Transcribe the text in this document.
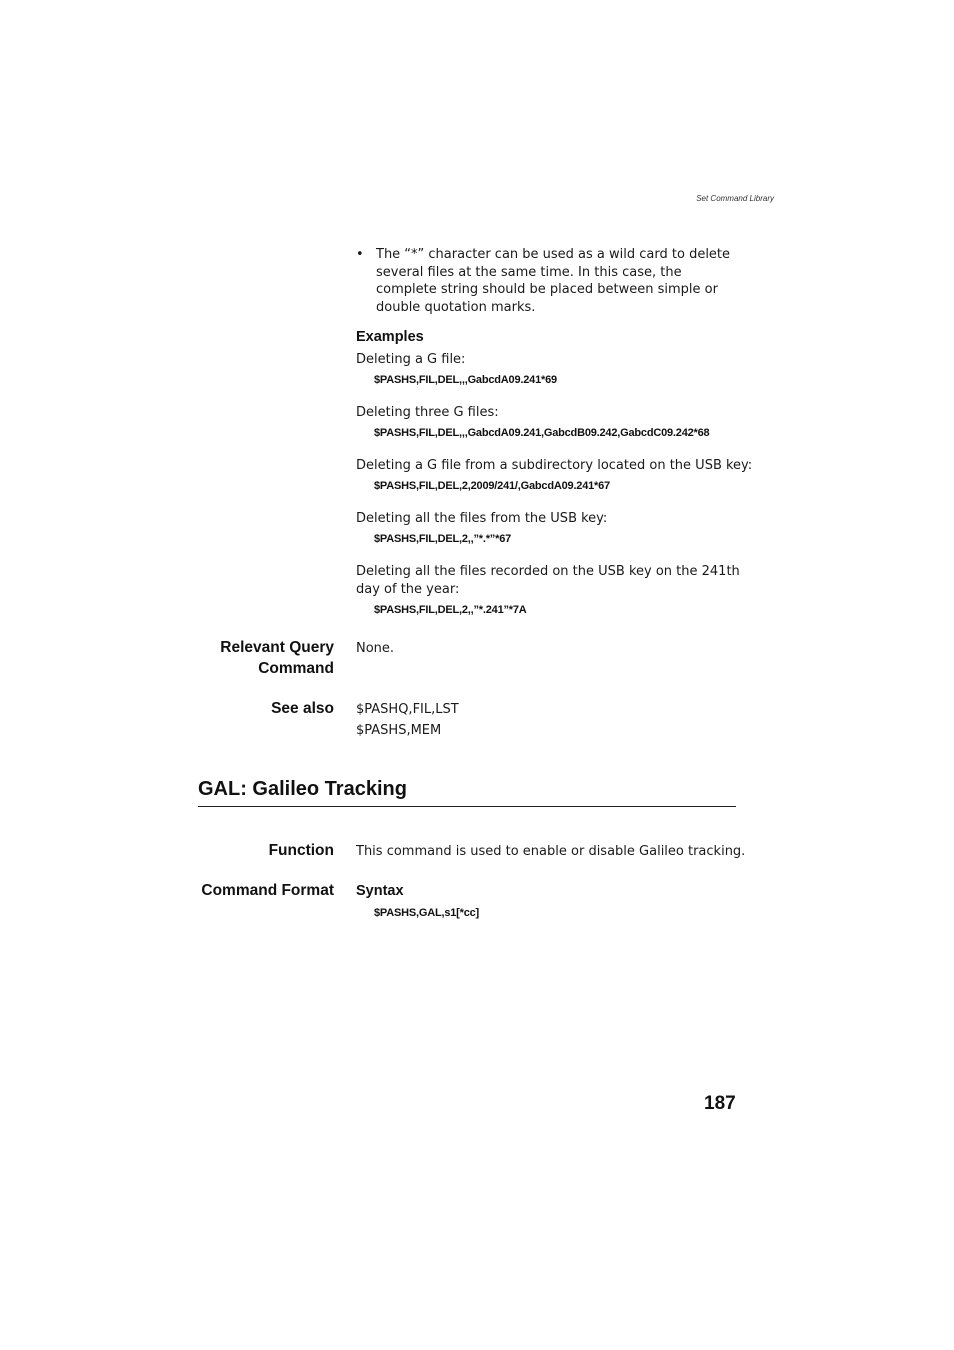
Set Command Library
• The “*” character can be used as a wild card to delete several files at the same time. In this case, the complete string should be placed between simple or double quotation marks.
Examples
Deleting a G file:
$PASHS,FIL,DEL,,,GabcdA09.241*69
Deleting three G files:
$PASHS,FIL,DEL,,,GabcdA09.241,GabcdB09.242,GabcdC09.242*68
Deleting a G file from a subdirectory located on the USB key:
$PASHS,FIL,DEL,2,2009/241/,GabcdA09.241*67
Deleting all the files from the USB key:
$PASHS,FIL,DEL,2,,”*.*”*67
Deleting all the files recorded on the USB key on the 241th day of the year:
$PASHS,FIL,DEL,2,,”*.241”*7A
Relevant Query
Command
None.
See also $PASHQ,FIL,LST
$PASHS,MEM
GAL: Galileo Tracking
Function This command is used to enable or disable Galileo tracking.
Command Format Syntax
$PASHS,GAL,s1[*cc]
187
